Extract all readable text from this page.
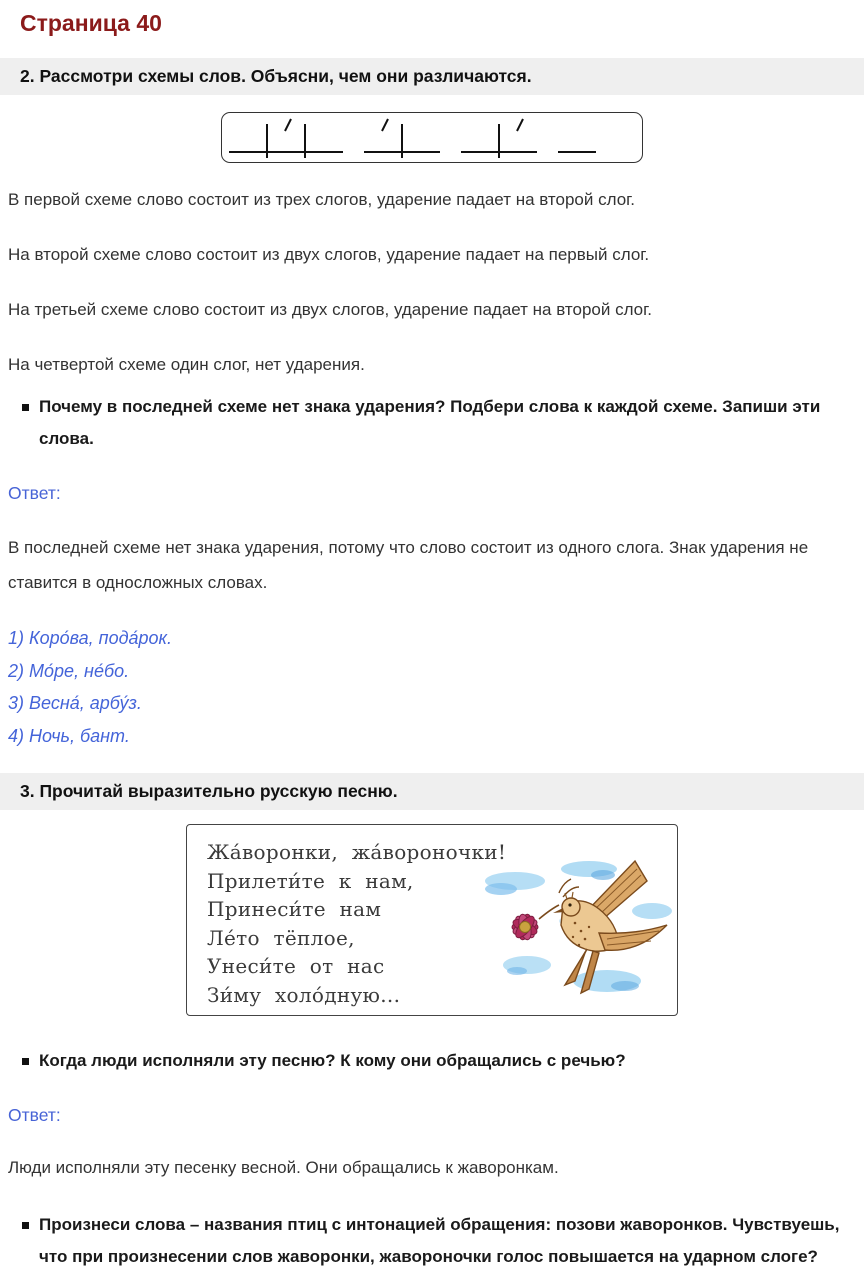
Страница 40
2. Рассмотри схемы слов. Объясни, чем они различаются.

В первой схеме слово состоит из трех слогов, ударение падает на второй слог.

На второй схеме слово состоит из двух слогов, ударение падает на первый слог.

На третьей схеме слово состоит из двух слогов, ударение падает на второй слог.

На четвертой схеме один слог, нет ударения.

Почему в последней схеме нет знака ударения? Подбери слова к каждой схеме. Запиши эти слова.

Ответ:

В последней схеме нет знака ударения, потому что слово состоит из одного слога. Знак ударения не ставится в односложных словах.

1) Коро́ва, пода́рок.

2) Мо́ре, не́бо.

3) Весна́, арбу́з.

4) Ночь, бант.

3. Прочитай выразительно русскую песню.
Жа́воронки, жа́вороночки!
Прилети́те к нам,
Принеси́те нам
Ле́то тёплое,
Унеси́те от нас
Зи́му холо́дную...

Когда люди исполняли эту песню? К кому они обращались с речью?

Ответ:

Люди исполняли эту песенку весной. Они обращались к жаворонкам.

Произнеси слова – названия птиц с интонацией обращения: позови жаворонков. Чувствуешь, что при произнесении слов жаворонки, жавороночки голос повышается на ударном слоге?
